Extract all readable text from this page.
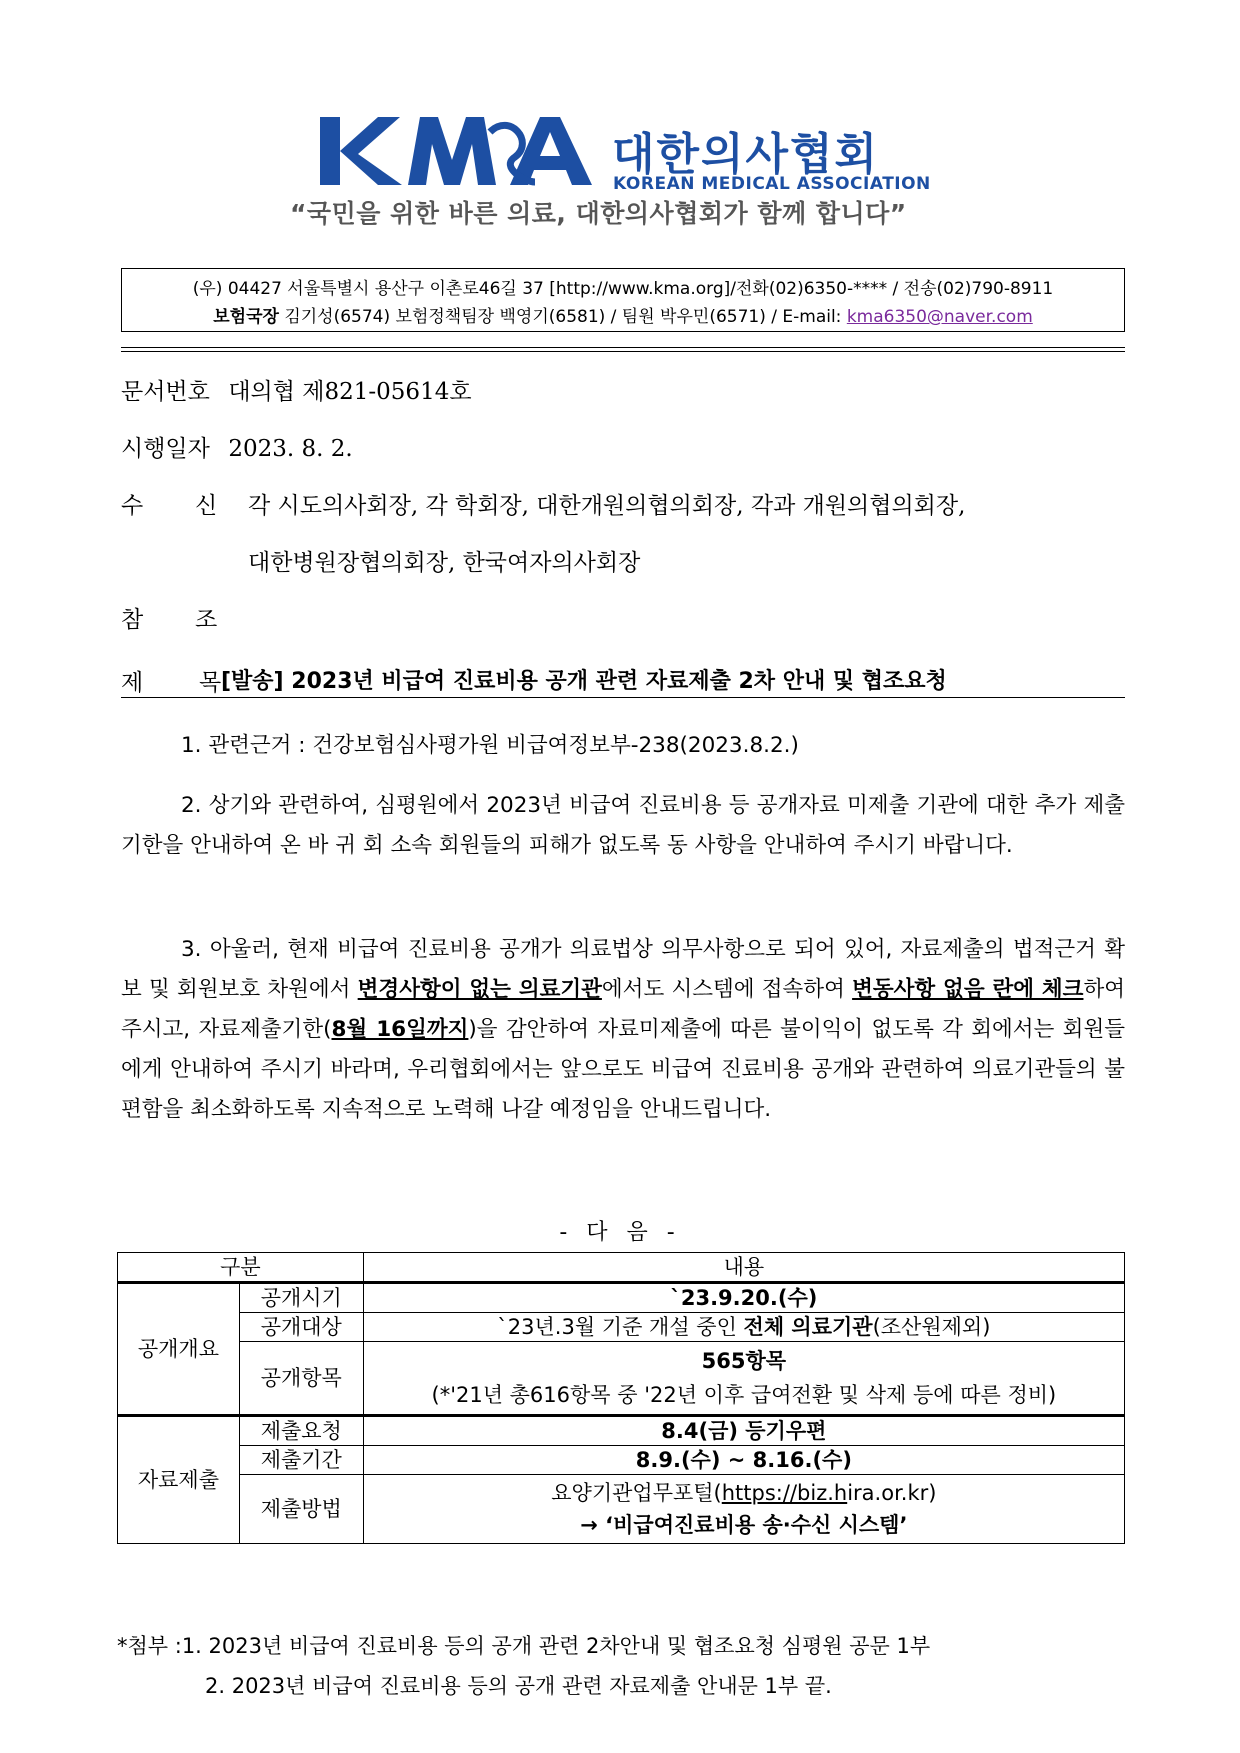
대한의사협회
KOREAN MEDICAL ASSOCIATION
“국민을 위한 바른 의료, 대한의사협회가 함께 합니다”
(우) 04427 서울특별시 용산구 이촌로46길 37 [http://www.kma.org]/전화(02)6350-**** / 전송(02)790-8911
보험국장 김기성(6574) 보험정책팀장 백영기(6581) / 팀원 박우민(6571) / E-mail: kma6350@naver.com
문서번호 대의협 제821-05614호
시행일자 2023. 8. 2.
수 신 각 시도의사회장, 각 학회장, 대한개원의협의회장, 각과 개원의협의회장,
대한병원장협의회장, 한국여자의사회장
참 조
제 목 [발송] 2023년 비급여 진료비용 공개 관련 자료제출 2차 안내 및 협조요청
1. 관련근거 : 건강보험심사평가원 비급여정보부-238(2023.8.2.)
2. 상기와 관련하여, 심평원에서 2023년 비급여 진료비용 등 공개자료 미제출 기관에 대한 추가 제출기한을 안내하여 온 바 귀 회 소속 회원들의 피해가 없도록 동 사항을 안내하여 주시기 바랍니다.
3. 아울러, 현재 비급여 진료비용 공개가 의료법상 의무사항으로 되어 있어, 자료제출의 법적근거 확보 및 회원보호 차원에서 변경사항이 없는 의료기관에서도 시스템에 접속하여 변동사항 없음 란에 체크하여 주시고, 자료제출기한(8월 16일까지)을 감안하여 자료미제출에 따른 불이익이 없도록 각 회에서는 회원들에게 안내하여 주시기 바라며, 우리협회에서는 앞으로도 비급여 진료비용 공개와 관련하여 의료기관들의 불편함을 최소화하도록 지속적으로 노력해 나갈 예정임을 안내드립니다.
- 다 음 -
구분		내용
공개개요	공개시기	`23.9.20.(수)
	공개대상	`23년.3월 기준 개설 중인 전체 의료기관(조산원제외)
	공개항목	565항목
(*'21년 총616항목 중 '22년 이후 급여전환 및 삭제 등에 따른 정비)
자료제출	제출요청	8.4(금) 등기우편
	제출기간	8.9.(수) ~ 8.16.(수)
	제출방법	요양기관업무포털(https://biz.hira.or.kr)
→ ‘비급여진료비용 송·수신 시스템’
*첨부 :1. 2023년 비급여 진료비용 등의 공개 관련 2차안내 및 협조요청 심평원 공문 1부
2. 2023년 비급여 진료비용 등의 공개 관련 자료제출 안내문 1부 끝.
